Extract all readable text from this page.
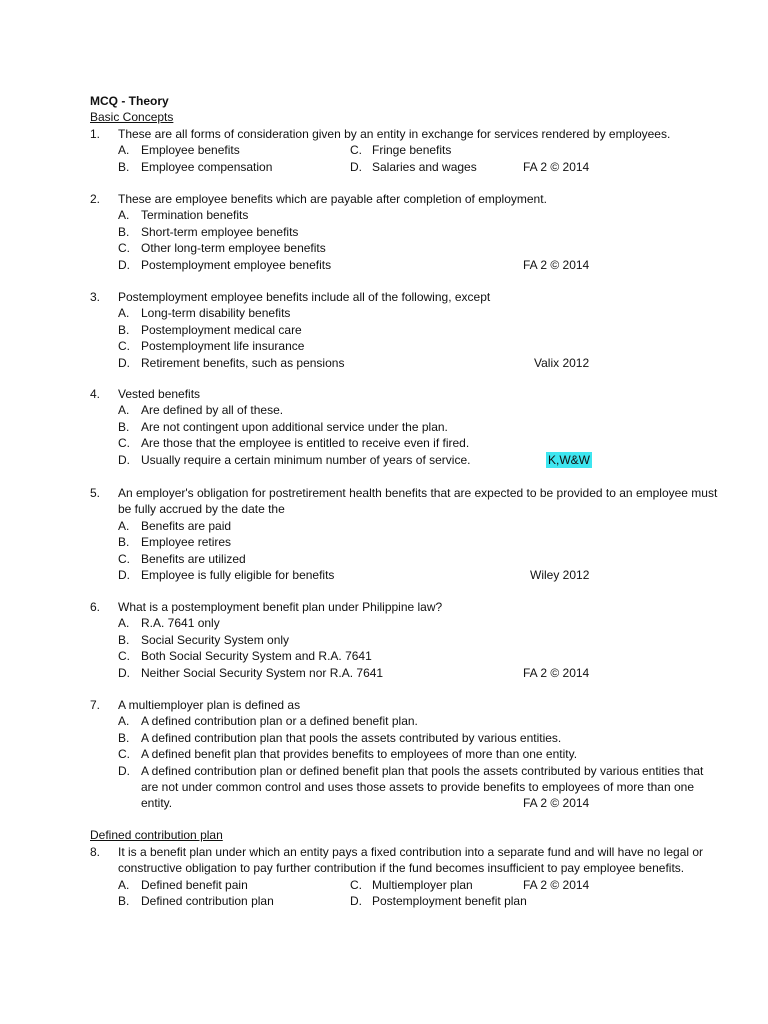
MCQ - Theory
Basic Concepts
1. These are all forms of consideration given by an entity in exchange for services rendered by employees.
A. Employee benefits	C. Fringe benefits
B. Employee compensation	D. Salaries and wages	FA 2 © 2014
2. These are employee benefits which are payable after completion of employment.
A. Termination benefits
B. Short-term employee benefits
C. Other long-term employee benefits
D. Postemployment employee benefits	FA 2 © 2014
3. Postemployment employee benefits include all of the following, except
A. Long-term disability benefits
B. Postemployment medical care
C. Postemployment life insurance
D. Retirement benefits, such as pensions	Valix 2012
4. Vested benefits
A. Are defined by all of these.
B. Are not contingent upon additional service under the plan.
C. Are those that the employee is entitled to receive even if fired.
D. Usually require a certain minimum number of years of service.	K,W&W
5. An employer's obligation for postretirement health benefits that are expected to be provided to an employee must
be fully accrued by the date the
A. Benefits are paid
B. Employee retires
C. Benefits are utilized
D. Employee is fully eligible for benefits	Wiley 2012
6. What is a postemployment benefit plan under Philippine law?
A. R.A. 7641 only
B. Social Security System only
C. Both Social Security System and R.A. 7641
D. Neither Social Security System nor R.A. 7641	FA 2 © 2014
7. A multiemployer plan is defined as
A. A defined contribution plan or a defined benefit plan.
B. A defined contribution plan that pools the assets contributed by various entities.
C. A defined benefit plan that provides benefits to employees of more than one entity.
D. A defined contribution plan or defined benefit plan that pools the assets contributed by various entities that
are not under common control and uses those assets to provide benefits to employees of more than one
entity.	FA 2 © 2014
Defined contribution plan
8. It is a benefit plan under which an entity pays a fixed contribution into a separate fund and will have no legal or
constructive obligation to pay further contribution if the fund becomes insufficient to pay employee benefits.
A. Defined benefit pain	C. Multiemployer plan	FA 2 © 2014
B. Defined contribution plan	D. Postemployment benefit plan
